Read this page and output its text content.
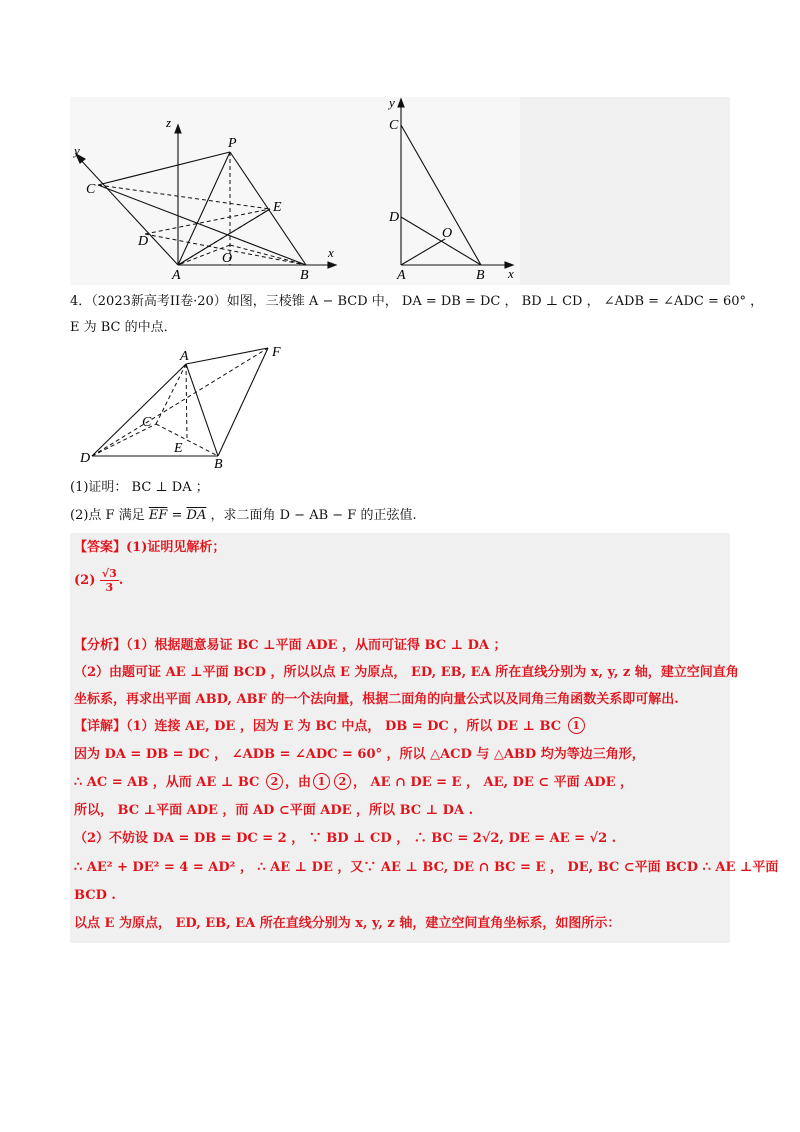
z
y
x
P
C
E
D
O
A	B
y
C
D
O
A	B x
4．（2023新高考II卷·20）如图，三棱锥 A − BCD 中， DA = DB = DC ， BD ⊥ CD ， ∠ADB = ∠ADC = 60° ，
E 为 BC 的中点．
A	F
C
E
D	B
(1)证明： BC ⊥ DA ；
(2)点 F 满足 $\overline{EF} = \overline{DA}$ ，求二面角 D − AB − F 的正弦值.
【答案】(1)证明见解析；
$(2) \frac{√3}{3}$ .
【分析】（1）根据题意易证 BC ⊥平面 ADE ，从而可证得 BC ⊥ DA ；
（2）由题可证 AE ⊥平面 BCD ，所以以点 E 为原点， ED, EB, EA 所在直线分别为 x, y, z 轴，建立空间直角
坐标系，再求出平面 ABD, ABF 的一个法向量，根据二面角的向量公式以及同角三角函数关系即可解出.
【详解】（1）连接 AE, DE ，因为 E 为 BC 中点， DB = DC ，所以 DE ⊥ BC 1
因为 DA = DB = DC ， ∠ADB = ∠ADC = 60° ，所以 △ACD 与 △ABD 均为等边三角形，
∴ AC = AB ，从而 AE ⊥ BC 2 ，由 1 2 ， AE ∩ DE = E ， AE, DE ⊂ 平面 ADE ，
所以， BC ⊥平面 ADE ，而 AD ⊂平面 ADE ，所以 BC ⊥ DA .
（2）不妨设 DA = DB = DC = 2 ， ∵ BD ⊥ CD ， ∴ BC = 2√2, DE = AE = √2 .
∴ AE² + DE² = 4 = AD² ， ∴ AE ⊥ DE ，又∵ AE ⊥ BC, DE ∩ BC = E ， DE, BC ⊂平面 BCD ∴ AE ⊥平面
BCD .
以点 E 为原点， ED, EB, EA 所在直线分别为 x, y, z 轴，建立空间直角坐标系，如图所示：
